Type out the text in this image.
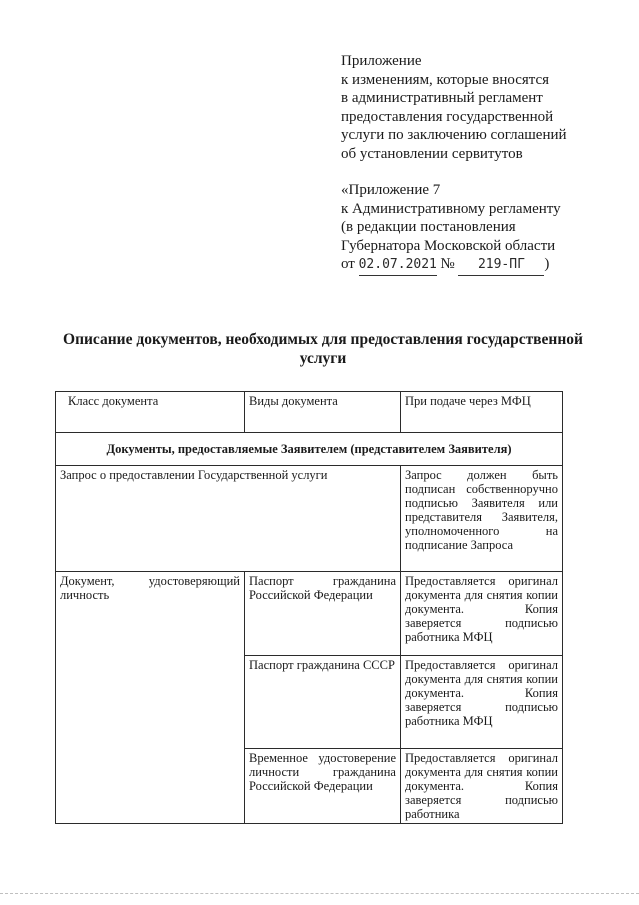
Приложение
к изменениям, которые вносятся
в административный регламент
предоставления государственной
услуги по заключению соглашений
об установлении сервитутов
«Приложение 7
к Административному регламенту
(в редакции постановления
Губернатора Московской области
от 02.07.2021 № 219-ПГ )
Описание документов, необходимых для предоставления государственной услуги
Класс документа	Виды документа	При подаче через МФЦ
Документы, предоставляемые Заявителем (представителем Заявителя)		
Запрос о предоставлении Государственной услуги		Запрос должен быть подписан собственноручно подписью Заявителя или представителя Заявителя, уполномоченного на подписание Запроса
Документ, удостоверяющий личность	Паспорт гражданина Российской Федерации	Предоставляется оригинал документа для снятия копии документа. Копия заверяется подписью работника МФЦ
	Паспорт гражданина СССР	Предоставляется оригинал документа для снятия копии документа. Копия заверяется подписью работника МФЦ
	Временное удостоверение личности гражданина Российской Федерации	Предоставляется оригинал документа для снятия копии документа. Копия заверяется подписью работника
